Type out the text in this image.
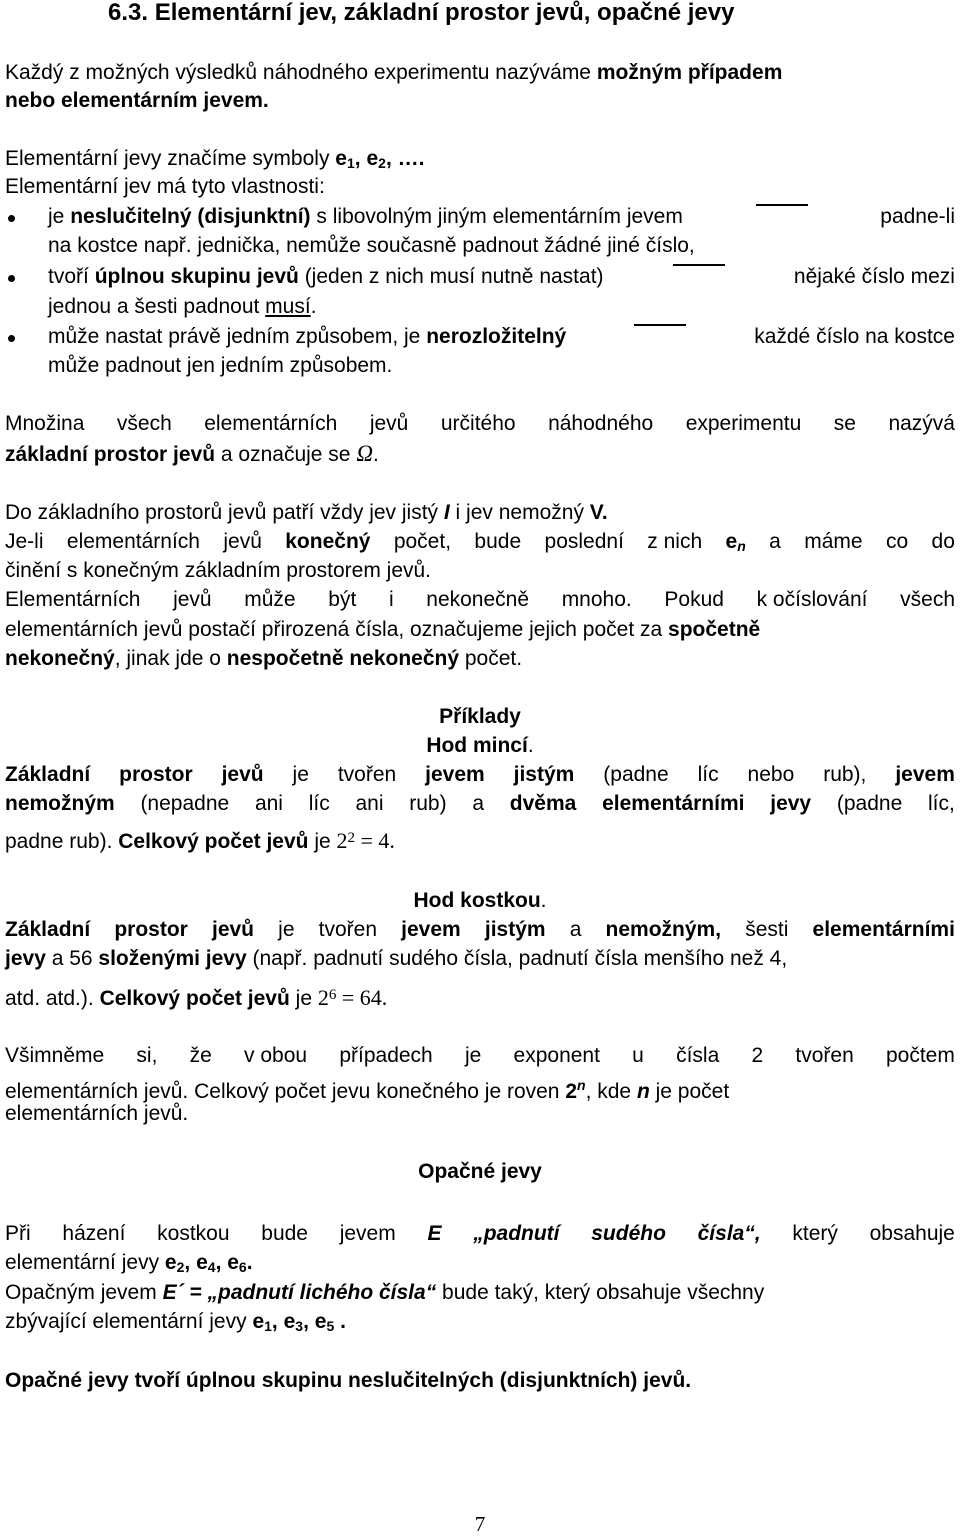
6.3. Elementární jev, základní prostor jevů, opačné jevy
Každý z možných výsledků náhodného experimentu nazýváme možným případem
nebo elementárním jevem.
Elementární jevy značíme symboly $e_1$, $e_2$, ….
Elementární jev má tyto vlastnosti:
je neslučitelný (disjunktní) s libovolným jiným elementárním jevem	padne-li
na kostce např. jednička, nemůže současně padnout žádné jiné číslo,
tvoří úplnou skupinu jevů (jeden z nich musí nutně nastat)	nějaké číslo mezi
jednou a šesti padnout musí.
může nastat právě jedním způsobem, je nerozložitelný	každé číslo na kostce
může padnout jen jedním způsobem.
Množina všech elementárních jevů určitého náhodného experimentu se nazývá
základní prostor jevů a označuje se Ω.
Do základního prostorů jevů patří vždy jev jistý I i jev nemožný V.
Je-li elementárních jevů konečný počet, bude poslední z nich $e_n$ a máme co do
činění s konečným základním prostorem jevů.
Elementárních jevů může být i nekonečně mnoho. Pokud k očíslování všech
elementárních jevů postačí přirozená čísla, označujeme jejich počet za spočetně
nekonečný, jinak jde o nespočetně nekonečný počet.
Příklady
Hod mincí.
Základní prostor jevů je tvořen jevem jistým (padne líc nebo rub), jevem
nemožným (nepadne ani líc ani rub) a dvěma elementárními jevy (padne líc,
padne rub). Celkový počet jevů je $2^2 = 4$.
Hod kostkou.
Základní prostor jevů je tvořen jevem jistým a nemožným, šesti elementárními
jevy a 56 složenými jevy (např. padnutí sudého čísla, padnutí čísla menšího než 4,
atd. atd.). Celkový počet jevů je $2^6 = 64$.
Všimněme si, že v obou případech je exponent u čísla 2 tvořen počtem
elementárních jevů. Celkový počet jevu konečného je roven 2$^n$, kde n je počet
elementárních jevů.
Opačné jevy
Při házení kostkou bude jevem E „padnutí sudého čísla“, který obsahuje
elementární jevy $e_2$, $e_4$, $e_6$.
Opačným jevem E´ = „padnutí lichého čísla“ bude taký, který obsahuje všechny
zbývající elementární jevy $e_1$, $e_3$, $e_5$ .
Opačné jevy tvoří úplnou skupinu neslučitelných (disjunktních) jevů.
7
